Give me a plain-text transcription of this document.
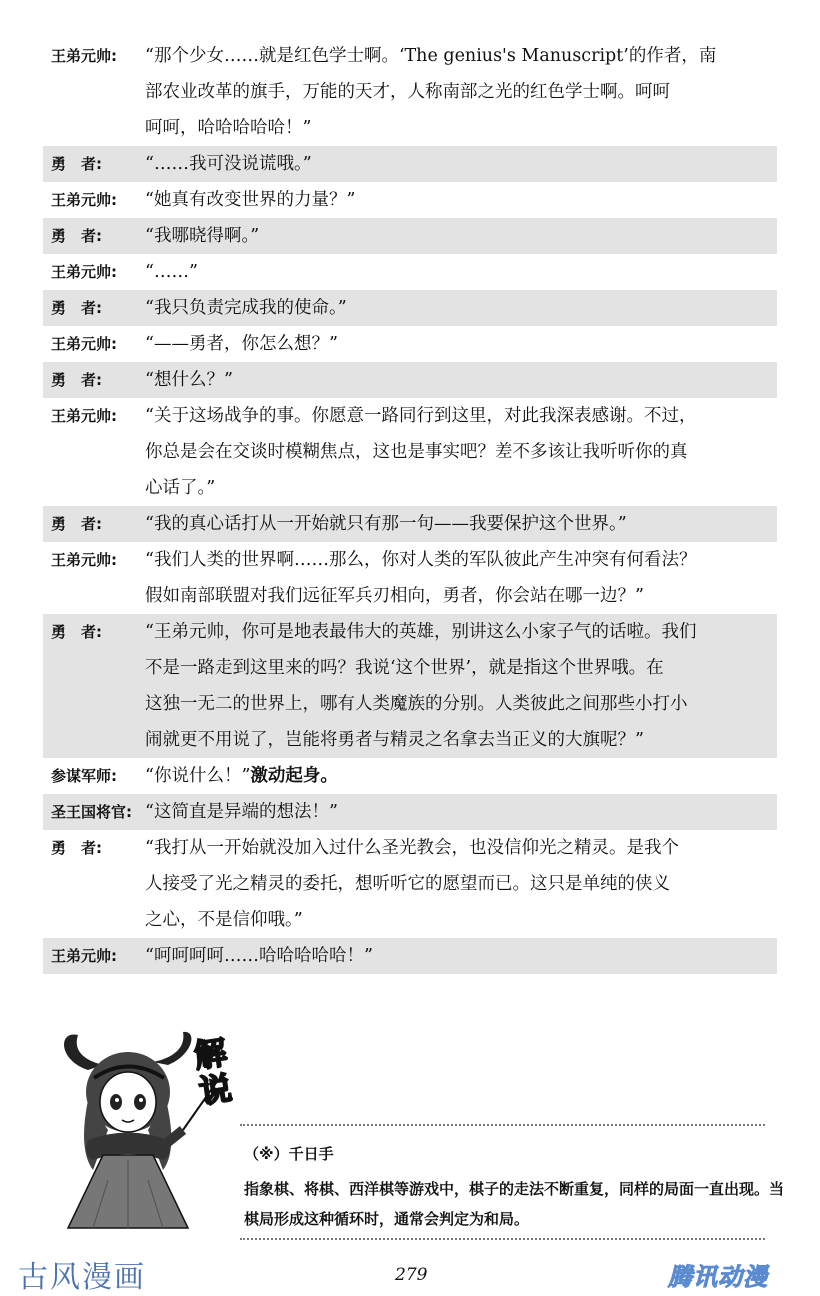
王弟元帅:	“那个少女……就是红色学士啊。‘The genius's Manuscript’的作者，南
部农业改革的旗手，万能的天才，人称南部之光的红色学士啊。呵呵
呵呵，哈哈哈哈哈！”
勇　者:	“……我可没说谎哦。”
王弟元帅:	“她真有改变世界的力量？”
勇　者:	“我哪晓得啊。”
王弟元帅:	“……”
勇　者:	“我只负责完成我的使命。”
王弟元帅:	“——勇者，你怎么想？”
勇　者:	“想什么？”
王弟元帅:	“关于这场战争的事。你愿意一路同行到这里，对此我深表感谢。不过，
你总是会在交谈时模糊焦点，这也是事实吧？差不多该让我听听你的真
心话了。”
勇　者:	“我的真心话打从一开始就只有那一句——我要保护这个世界。”
王弟元帅:	“我们人类的世界啊……那么，你对人类的军队彼此产生冲突有何看法？
假如南部联盟对我们远征军兵刃相向，勇者，你会站在哪一边？”
勇　者:	“王弟元帅，你可是地表最伟大的英雄，别讲这么小家子气的话啦。我们
不是一路走到这里来的吗？我说‘这个世界’，就是指这个世界哦。在
这独一无二的世界上，哪有人类魔族的分别。人类彼此之间那些小打小
闹就更不用说了，岂能将勇者与精灵之名拿去当正义的大旗呢？”
参谋军师:	“你说什么！”激动起身。
圣王国将官: “这简直是异端的想法！”
勇　者:	“我打从一开始就没加入过什么圣光教会，也没信仰光之精灵。是我个
人接受了光之精灵的委托，想听听它的愿望而已。这只是单纯的侠义
之心，不是信仰哦。”
王弟元帅:	“呵呵呵呵……哈哈哈哈哈！”
解
说
（※）千日手
指象棋、将棋、西洋棋等游戏中，棋子的走法不断重复，同样的局面一直出现。当棋局形成这种循环时，通常会判定为和局。
古风漫画	279	腾讯动漫
